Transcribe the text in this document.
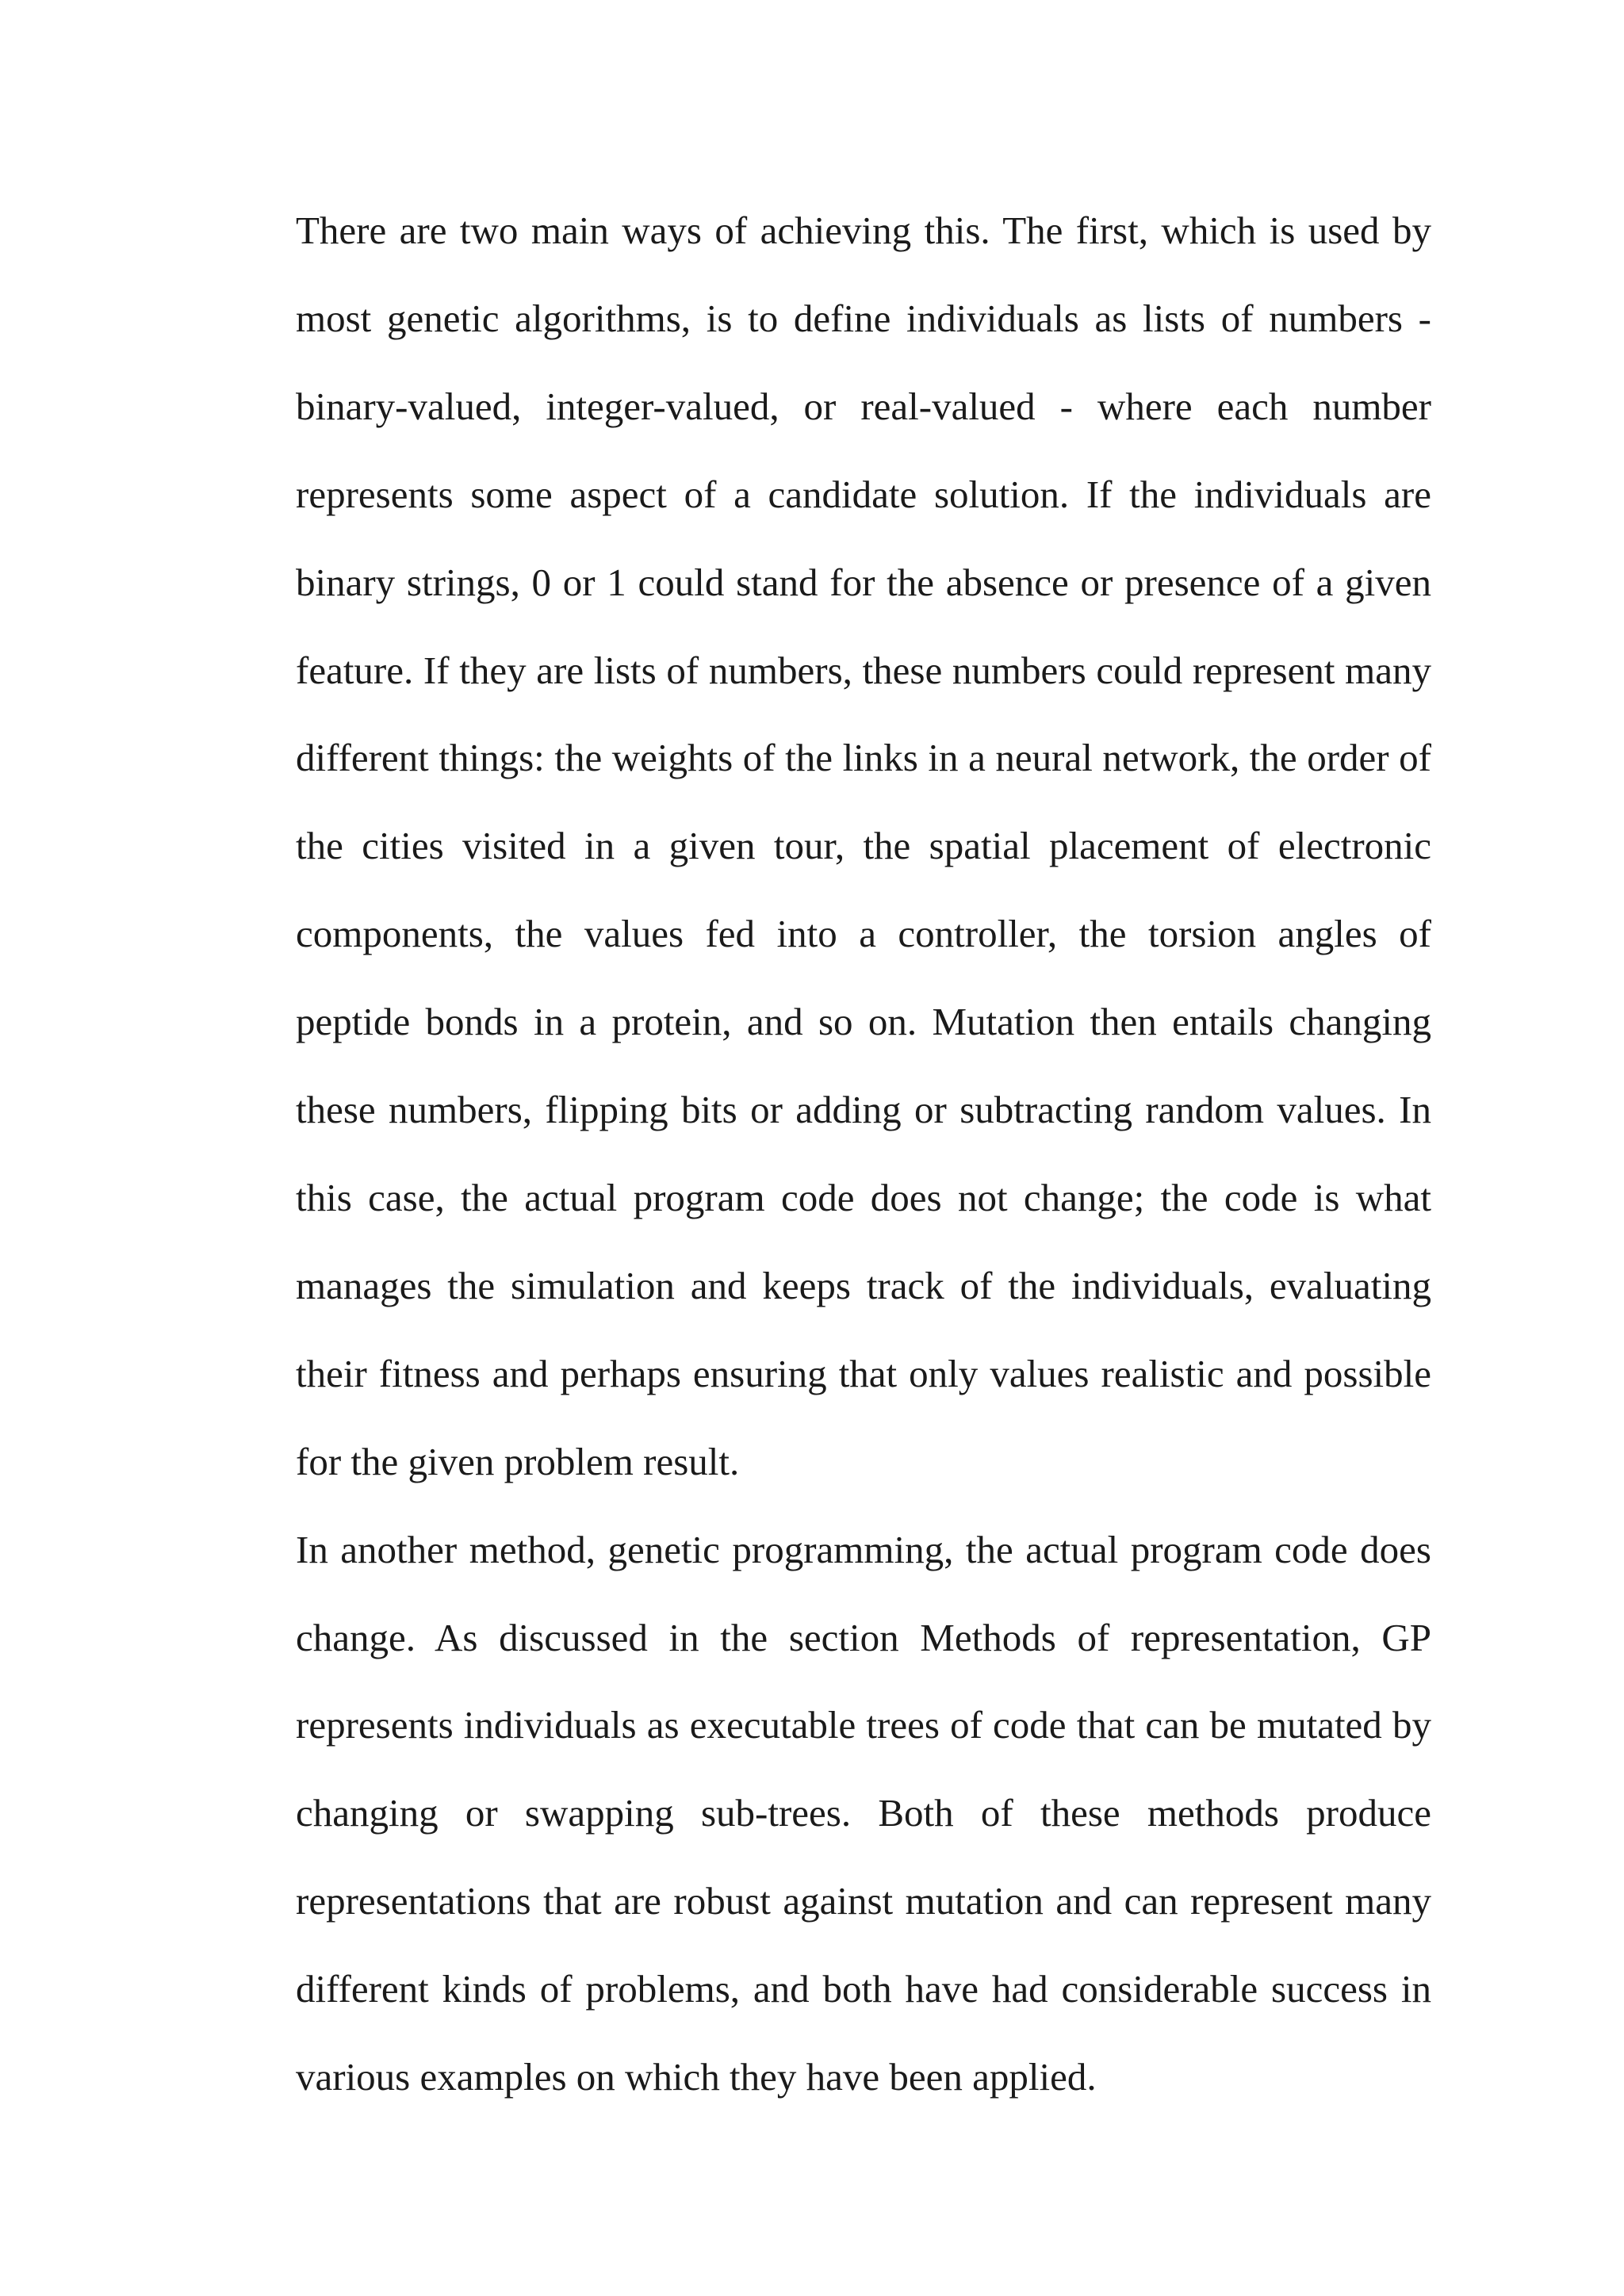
There are two main ways of achieving this. The first, which is used by most genetic algorithms, is to define individuals as lists of numbers - binary-valued, integer-valued, or real-valued - where each number represents some aspect of a candidate solution. If the individuals are binary strings, 0 or 1 could stand for the absence or presence of a given feature. If they are lists of numbers, these numbers could represent many different things: the weights of the links in a neural network, the order of the cities visited in a given tour, the spatial placement of electronic components, the values fed into a controller, the torsion angles of peptide bonds in a protein, and so on. Mutation then entails changing these numbers, flipping bits or adding or subtracting random values. In this case, the actual program code does not change; the code is what manages the simulation and keeps track of the individuals, evaluating their fitness and perhaps ensuring that only values realistic and possible for the given problem result.

In another method, genetic programming, the actual program code does change. As discussed in the section Methods of representation, GP represents individuals as executable trees of code that can be mutated by changing or swapping sub-trees. Both of these methods produce representations that are robust against mutation and can represent many different kinds of problems, and both have had considerable success in various examples on which they have been applied.
